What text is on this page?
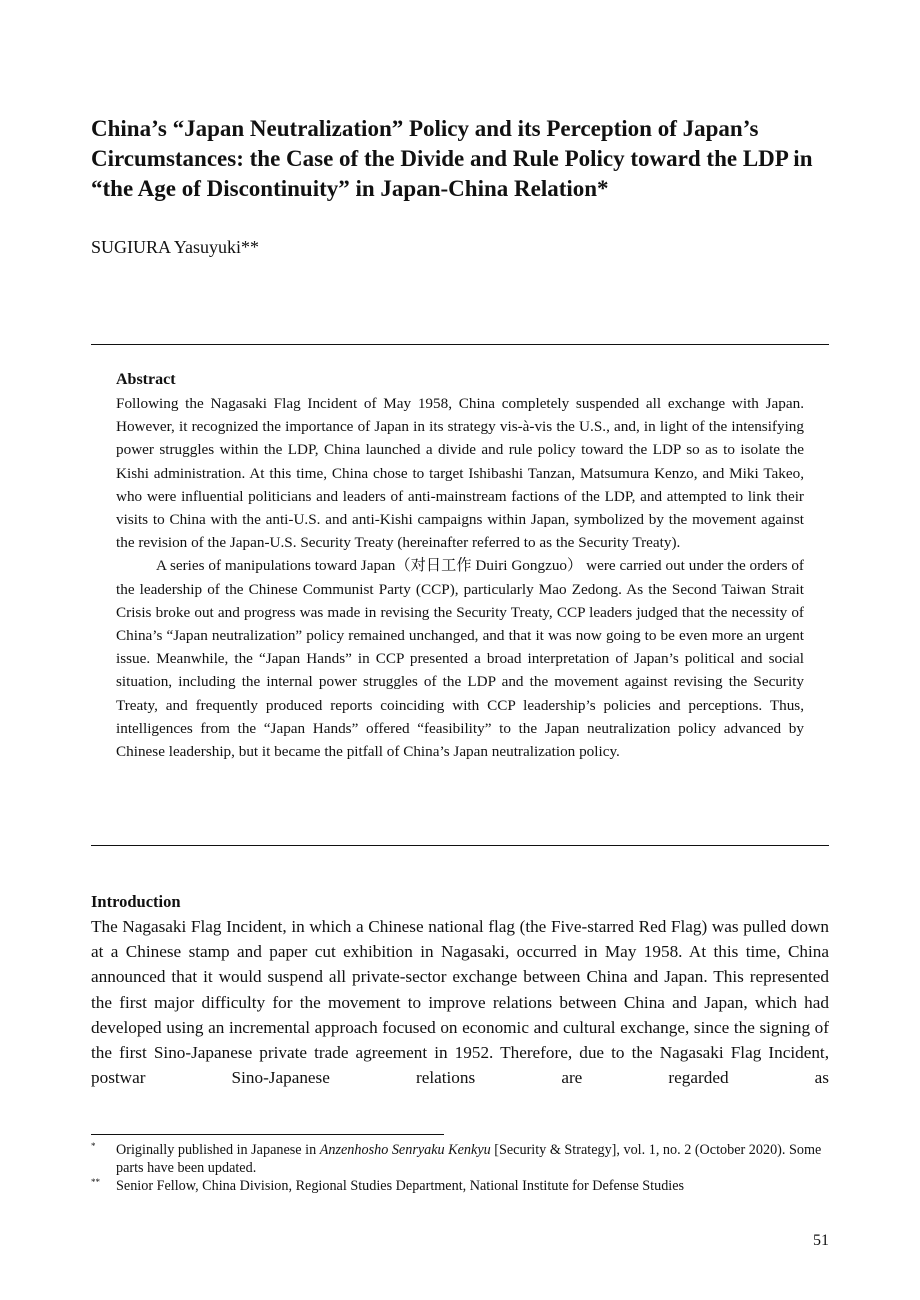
China’s “Japan Neutralization” Policy and its Perception of Japan’s Circumstances: the Case of the Divide and Rule Policy toward the LDP in “the Age of Discontinuity” in Japan-China Relation*
SUGIURA Yasuyuki**
Abstract

Following the Nagasaki Flag Incident of May 1958, China completely suspended all exchange with Japan. However, it recognized the importance of Japan in its strategy vis-à-vis the U.S., and, in light of the intensifying power struggles within the LDP, China launched a divide and rule policy toward the LDP so as to isolate the Kishi administration. At this time, China chose to target Ishibashi Tanzan, Matsumura Kenzo, and Miki Takeo, who were influential politicians and leaders of anti-mainstream factions of the LDP, and attempted to link their visits to China with the anti-U.S. and anti-Kishi campaigns within Japan, symbolized by the movement against the revision of the Japan-U.S. Security Treaty (hereinafter referred to as the Security Treaty).

A series of manipulations toward Japan（对日工作 Duiri Gongzuo） were carried out under the orders of the leadership of the Chinese Communist Party (CCP), particularly Mao Zedong. As the Second Taiwan Strait Crisis broke out and progress was made in revising the Security Treaty, CCP leaders judged that the necessity of China’s “Japan neutralization” policy remained unchanged, and that it was now going to be even more an urgent issue. Meanwhile, the “Japan Hands” in CCP presented a broad interpretation of Japan’s political and social situation, including the internal power struggles of the LDP and the movement against revising the Security Treaty, and frequently produced reports coinciding with CCP leadership’s policies and perceptions. Thus, intelligences from the “Japan Hands” offered “feasibility” to the Japan neutralization policy advanced by Chinese leadership, but it became the pitfall of China’s Japan neutralization policy.

Introduction

The Nagasaki Flag Incident, in which a Chinese national flag (the Five-starred Red Flag) was pulled down at a Chinese stamp and paper cut exhibition in Nagasaki, occurred in May 1958. At this time, China announced that it would suspend all private-sector exchange between China and Japan. This represented the first major difficulty for the movement to improve relations between China and Japan, which had developed using an incremental approach focused on economic and cultural exchange, since the signing of the first Sino-Japanese private trade agreement in 1952. Therefore, due to the Nagasaki Flag Incident, postwar Sino-Japanese relations are regarded as

* Originally published in Japanese in Anzenhosho Senryaku Kenkyu [Security & Strategy], vol. 1, no. 2 (October 2020). Some parts have been updated.

** Senior Fellow, China Division, Regional Studies Department, National Institute for Defense Studies

51
